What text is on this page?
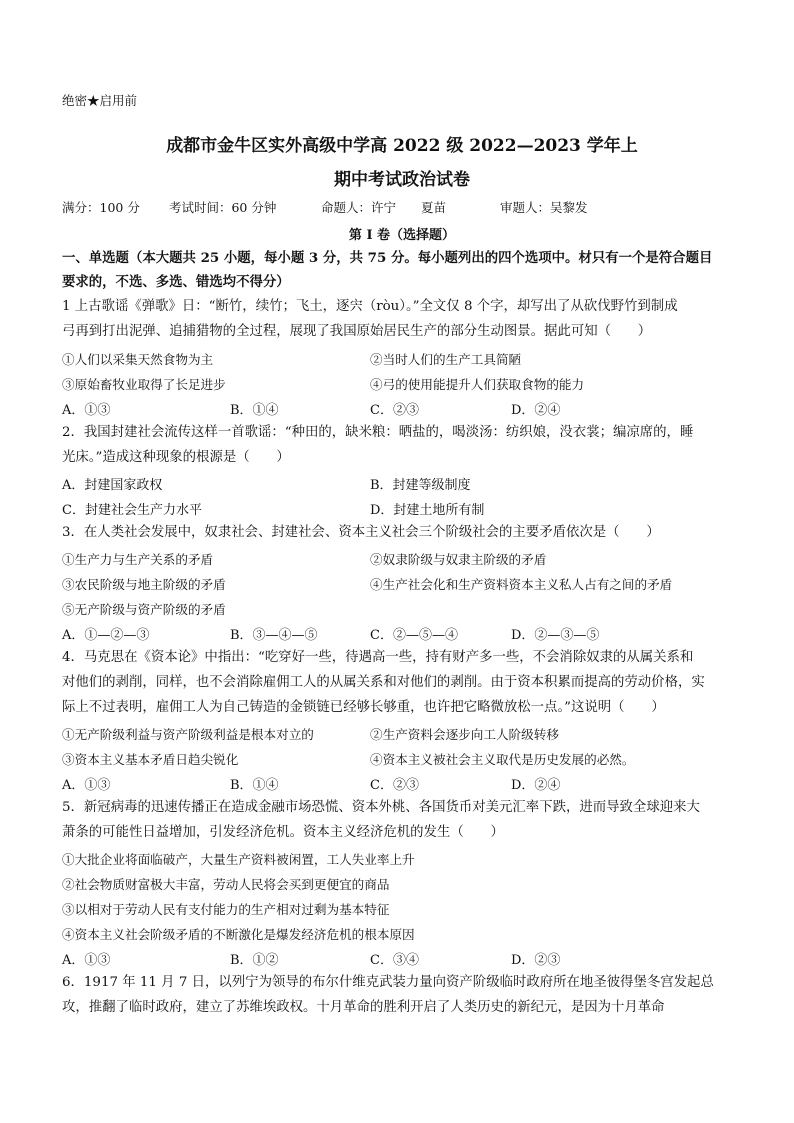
绝密★启用前
成都市金牛区实外高级中学高 2022 级 2022—2023 学年上
期中考试政治试卷
满分：100 分 考试时间：60 分钟	命题人：许宁　　夏苗	审题人：吴黎发
第 I 卷（选择题）
一、单选题（本大题共 25 小题，每小题 3 分，共 75 分。每小题列出的四个选项中。材只有一个是符合题目
要求的，不选、多选、错选均不得分）
1 上古歌谣《弹歌》日：“断竹，续竹；飞土，逐宍（ròu）。”全文仅 8 个字，却写出了从砍伐野竹到制成
弓再到打出泥弹、追捕猎物的全过程，展现了我国原始居民生产的部分生动图景。据此可知（　　）
①人们以采集天然食物为主	②当时人们的生产工具简陋
③原始畜牧业取得了长足进步	④弓的使用能提升人们获取食物的能力
A．①③	B．①④	C．②③	D．②④
2．我国封建社会流传这样一首歌谣：“种田的，缺米粮：晒盐的，喝淡汤：纺织娘，没衣裳；编凉席的，睡
光床。”造成这种现象的根源是（　　）
A．封建国家政权	B．封建等级制度
C．封建社会生产力水平	D．封建土地所有制
3．在人类社会发展中，奴隶社会、封建社会、资本主义社会三个阶级社会的主要矛盾依次是（　　）
①生产力与生产关系的矛盾	②奴隶阶级与奴隶主阶级的矛盾
③农民阶级与地主阶级的矛盾	④生产社会化和生产资料资本主义私人占有之间的矛盾
⑤无产阶级与资产阶级的矛盾
A．①—②—③	B．③—④—⑤	C．②—⑤—④	D．②—③—⑤
4．马克思在《资本论》中指出：“吃穿好一些，待遇高一些，持有财产多一些，不会消除奴隶的从属关系和
对他们的剥削，同样，也不会消除雇佣工人的从属关系和对他们的剥削。由于资本积累而提高的劳动价格，实
际上不过表明，雇佣工人为自己铸造的金锁链已经够长够重，也许把它略微放松一点。”这说明（　　）
①无产阶级利益与资产阶级利益是根本对立的	②生产资料会逐步向工人阶级转移
③资本主义基本矛盾日趋尖锐化	④资本主义被社会主义取代是历史发展的必然。
A．①③	B．①④	C．②③	D．②④
5．新冠病毒的迅速传播正在造成金融市场恐慌、资本外桃、各国货币对美元汇率下跌，进而导致全球迎来大
萧条的可能性日益增加，引发经济危机。资本主义经济危机的发生（　　）
①大批企业将面临破产，大量生产资料被闲置，工人失业率上升
②社会物质财富极大丰富，劳动人民将会买到更便宜的商品
③以相对于劳动人民有支付能力的生产相对过剩为基本特征
④资本主义社会阶级矛盾的不断激化是爆发经济危机的根本原因
A．①③	B．①②	C．③④	D．②③
6．1917 年 11 月 7 日，以列宁为领导的布尔什维克武装力量向资产阶级临时政府所在地圣彼得堡冬宫发起总
攻，推翻了临时政府，建立了苏维埃政权。十月革命的胜利开启了人类历史的新纪元，是因为十月革命
